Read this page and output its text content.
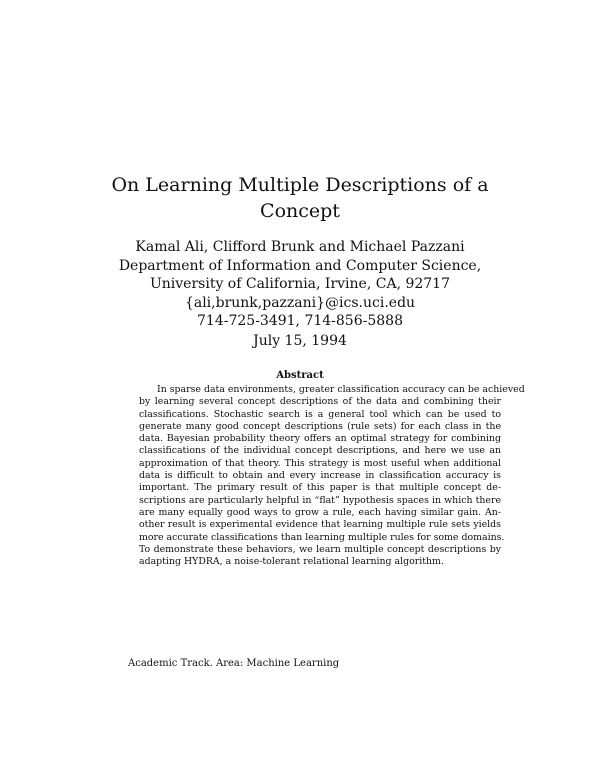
On Learning Multiple Descriptions of a
Concept
Kamal Ali, Clifford Brunk and Michael Pazzani
Department of Information and Computer Science,
University of California, Irvine, CA, 92717
{ali,brunk,pazzani}@ics.uci.edu
714-725-3491, 714-856-5888
July 15, 1994
Abstract
In sparse data environments, greater classification accuracy can be achieved
by learning several concept descriptions of the data and combining their
classifications. Stochastic search is a general tool which can be used to
generate many good concept descriptions (rule sets) for each class in the
data. Bayesian probability theory offers an optimal strategy for combining
classifications of the individual concept descriptions, and here we use an
approximation of that theory. This strategy is most useful when additional
data is difficult to obtain and every increase in classification accuracy is
important. The primary result of this paper is that multiple concept de-
scriptions are particularly helpful in “flat” hypothesis spaces in which there
are many equally good ways to grow a rule, each having similar gain. An-
other result is experimental evidence that learning multiple rule sets yields
more accurate classifications than learning multiple rules for some domains.
To demonstrate these behaviors, we learn multiple concept descriptions by
adapting HYDRA, a noise-tolerant relational learning algorithm.
Academic Track. Area: Machine Learning
